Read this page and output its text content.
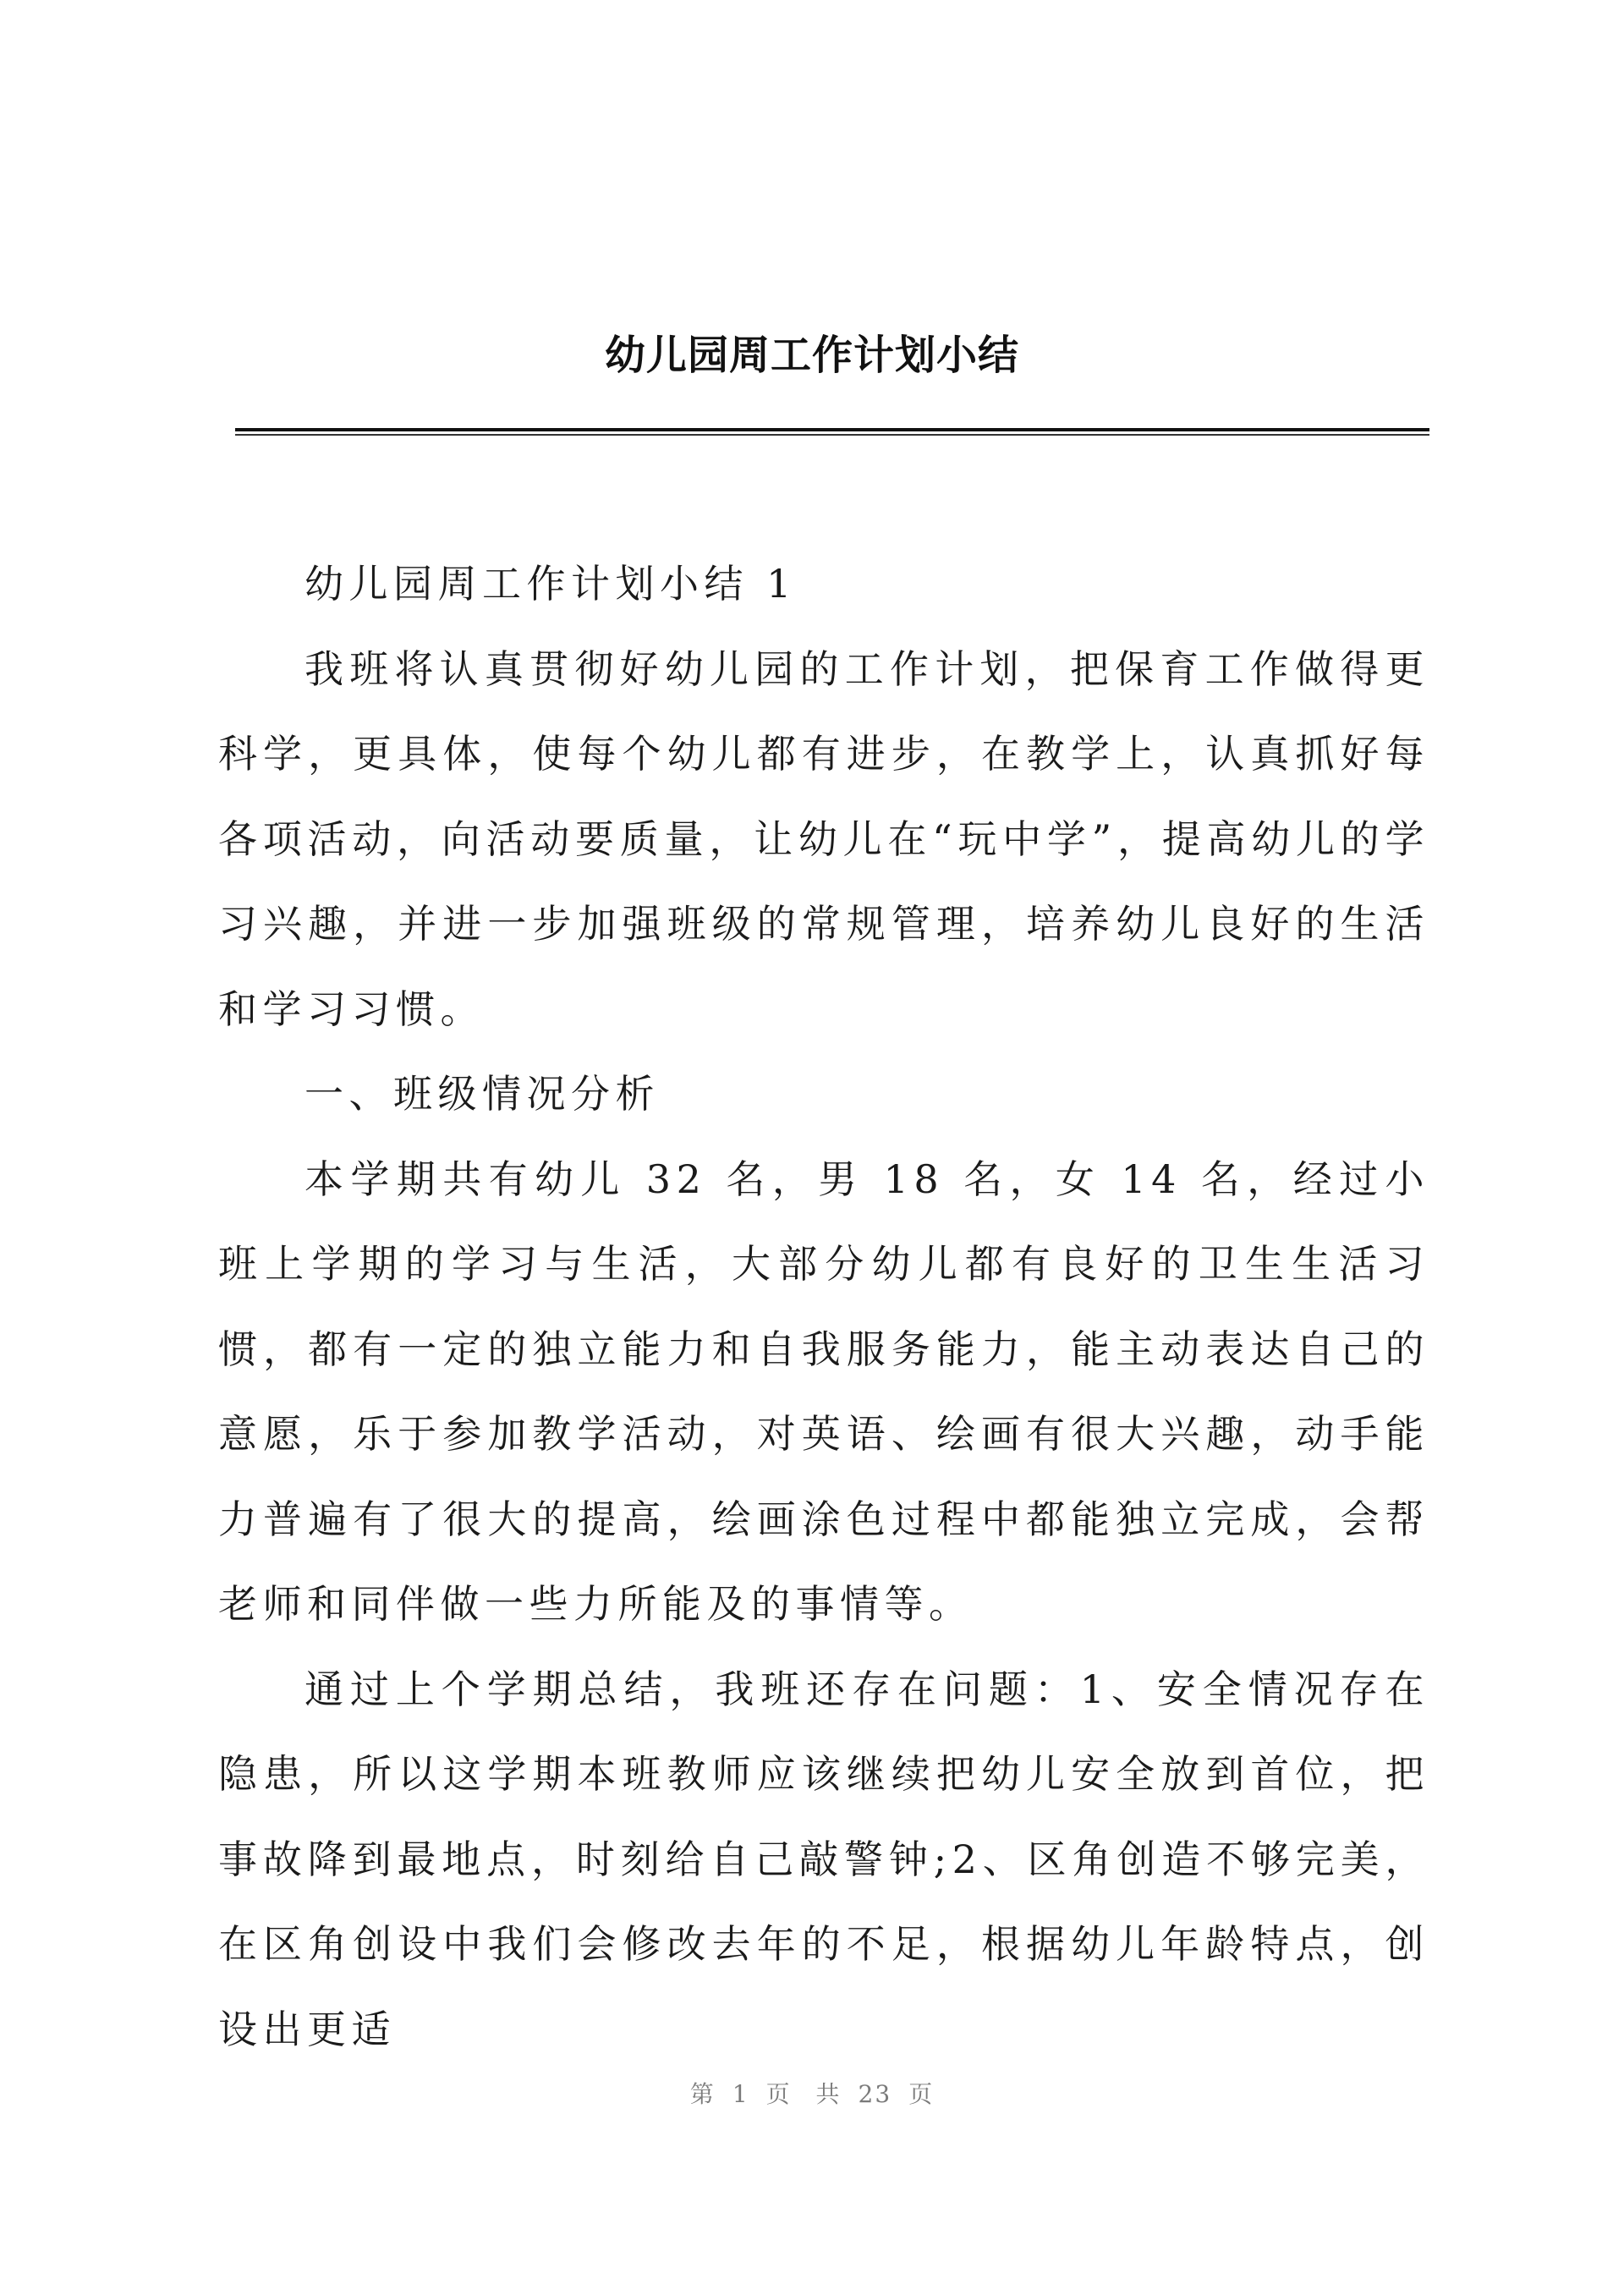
幼儿园周工作计划小结

幼儿园周工作计划小结 1

我班将认真贯彻好幼儿园的工作计划，把保育工作做得更科学，更具体，使每个幼儿都有进步，在教学上，认真抓好每各项活动，向活动要质量，让幼儿在“玩中学”，提高幼儿的学习兴趣，并进一步加强班级的常规管理，培养幼儿良好的生活和学习习惯。

一、班级情况分析

本学期共有幼儿 32 名，男 18 名，女 14 名，经过小班上学期的学习与生活，大部分幼儿都有良好的卫生生活习惯，都有一定的独立能力和自我服务能力，能主动表达自己的意愿，乐于参加教学活动，对英语、绘画有很大兴趣，动手能力普遍有了很大的提高，绘画涂色过程中都能独立完成，会帮老师和同伴做一些力所能及的事情等。

通过上个学期总结，我班还存在问题：1、安全情况存在隐患，所以这学期本班教师应该继续把幼儿安全放到首位，把事故降到最地点，时刻给自己敲警钟;2、区角创造不够完美，在区角创设中我们会修改去年的不足，根据幼儿年龄特点，创设出更适

第 1 页 共 23 页
